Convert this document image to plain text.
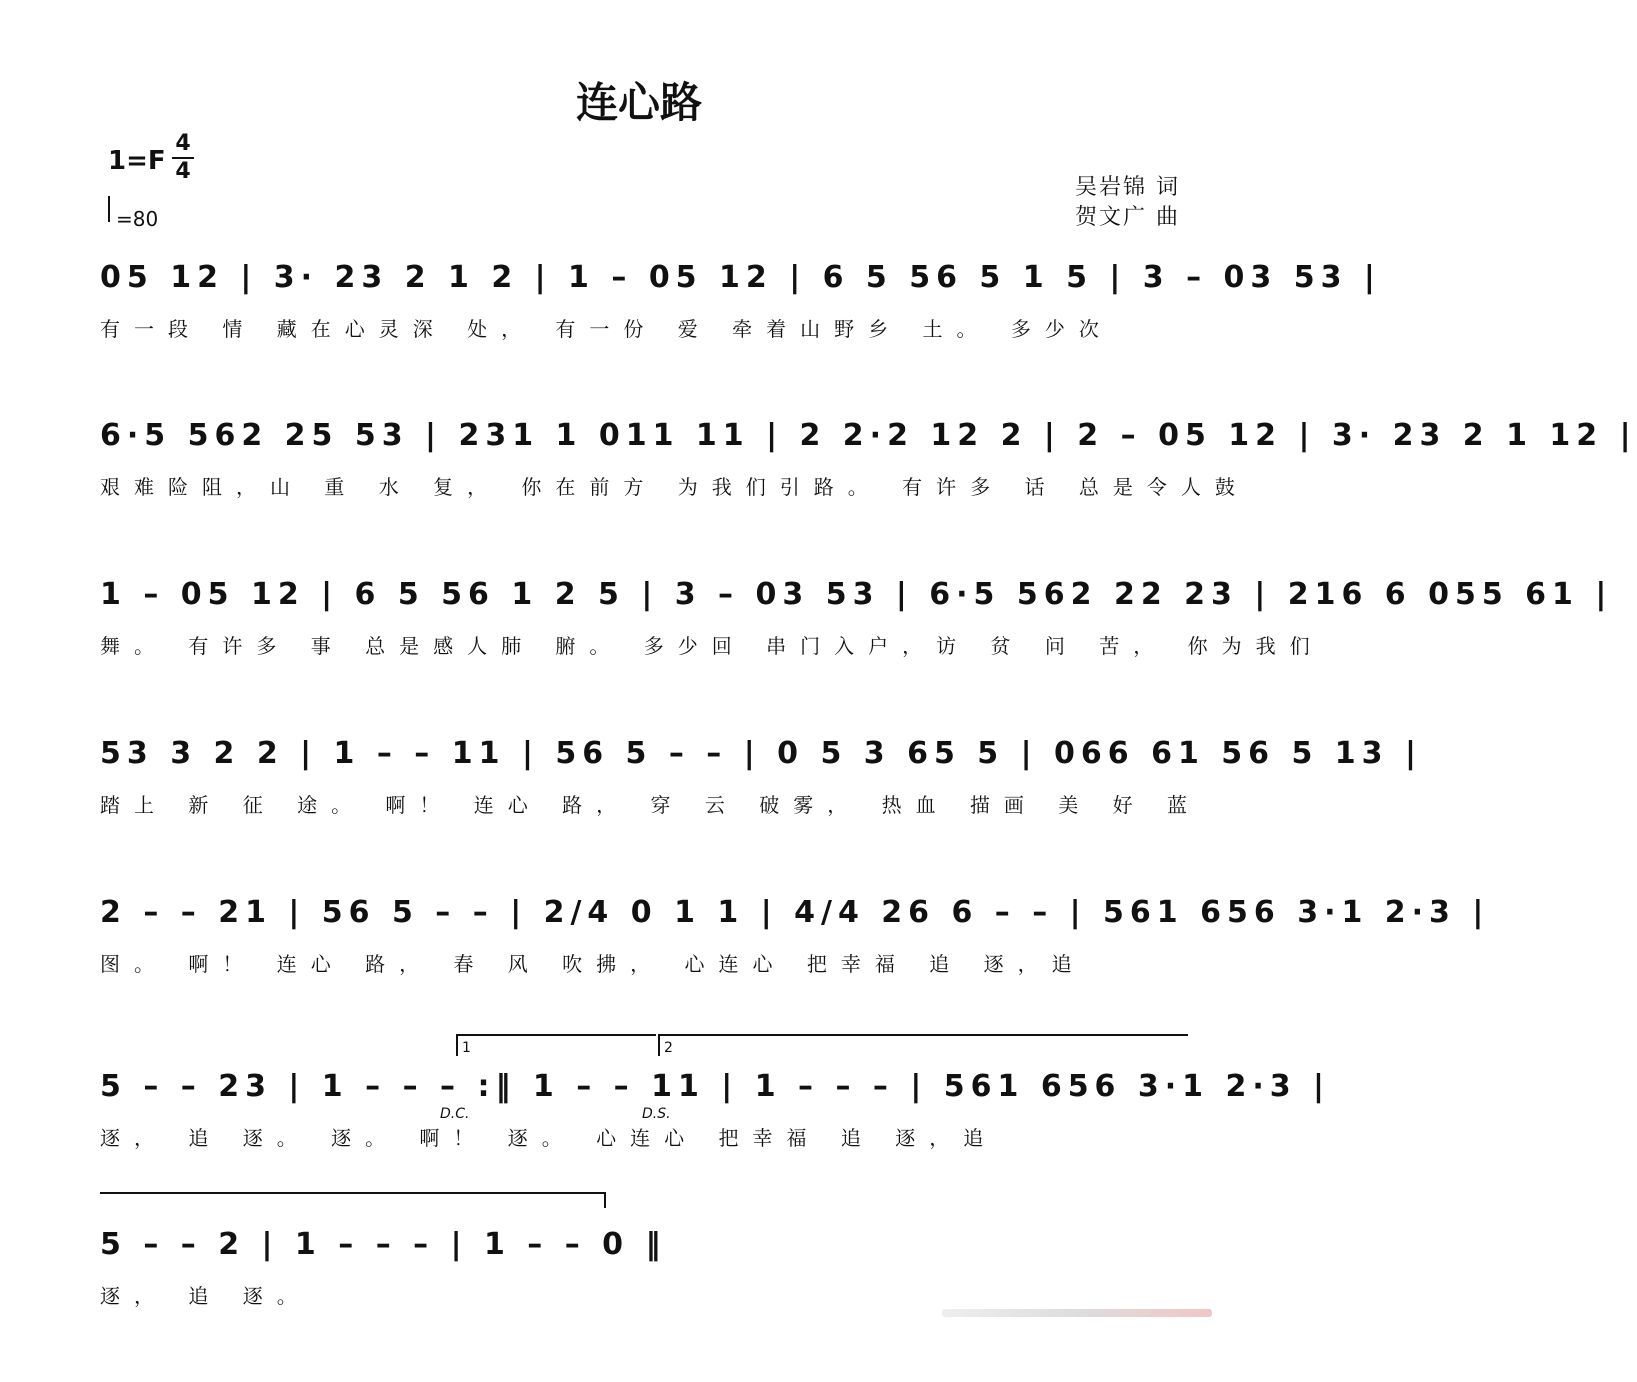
连心路
1=F
4
4
=80
吴岩锦 词
贺文广 曲
05 12 | 3· 23 2 1 2 | 1 – 05 12 | 6 5 56 5 1 5 | 3 – 03 53 |
有一段 情 藏在心灵深 处， 有一份 爱 牵着山野乡 土。 多少次
6·5 562 25 53 | 231 1 011 11 | 2 2·2 12 2 | 2 – 05 12 | 3· 23 2 1 12 |
艰难险阻，山 重 水 复， 你在前方 为我们引路。 有许多 话 总是令人鼓
1 – 05 12 | 6 5 56 1 2 5 | 3 – 03 53 | 6·5 562 22 23 | 216 6 055 61 |
舞。 有许多 事 总是感人肺 腑。 多少回 串门入户，访 贫 问 苦， 你为我们
53 3 2 2 | 1 – – 11 | 56 5 – – | 0 5 3 65 5 | 066 61 56 5 13 |
踏上 新 征 途。 啊！ 连心 路， 穿 云 破雾， 热血 描画 美 好 蓝
2 – – 21 | 56 5 – – | 2/4 0 1 1 | 4/4 26 6 – – | 561 656 3·1 2·3 |
图。 啊！ 连心 路， 春 风 吹拂， 心连心 把幸福 追 逐，追
1	2
5 – – 23 | 1 – – – :‖ 1 – – 11 | 1 – – – | 561 656 3·1 2·3 |
逐， 追 逐。 逐。 啊！ 逐。 心连心 把幸福 追 逐，追
D.C.	D.S.
5 – – 2 | 1 – – – | 1 – – 0 ‖
逐， 追 逐。
